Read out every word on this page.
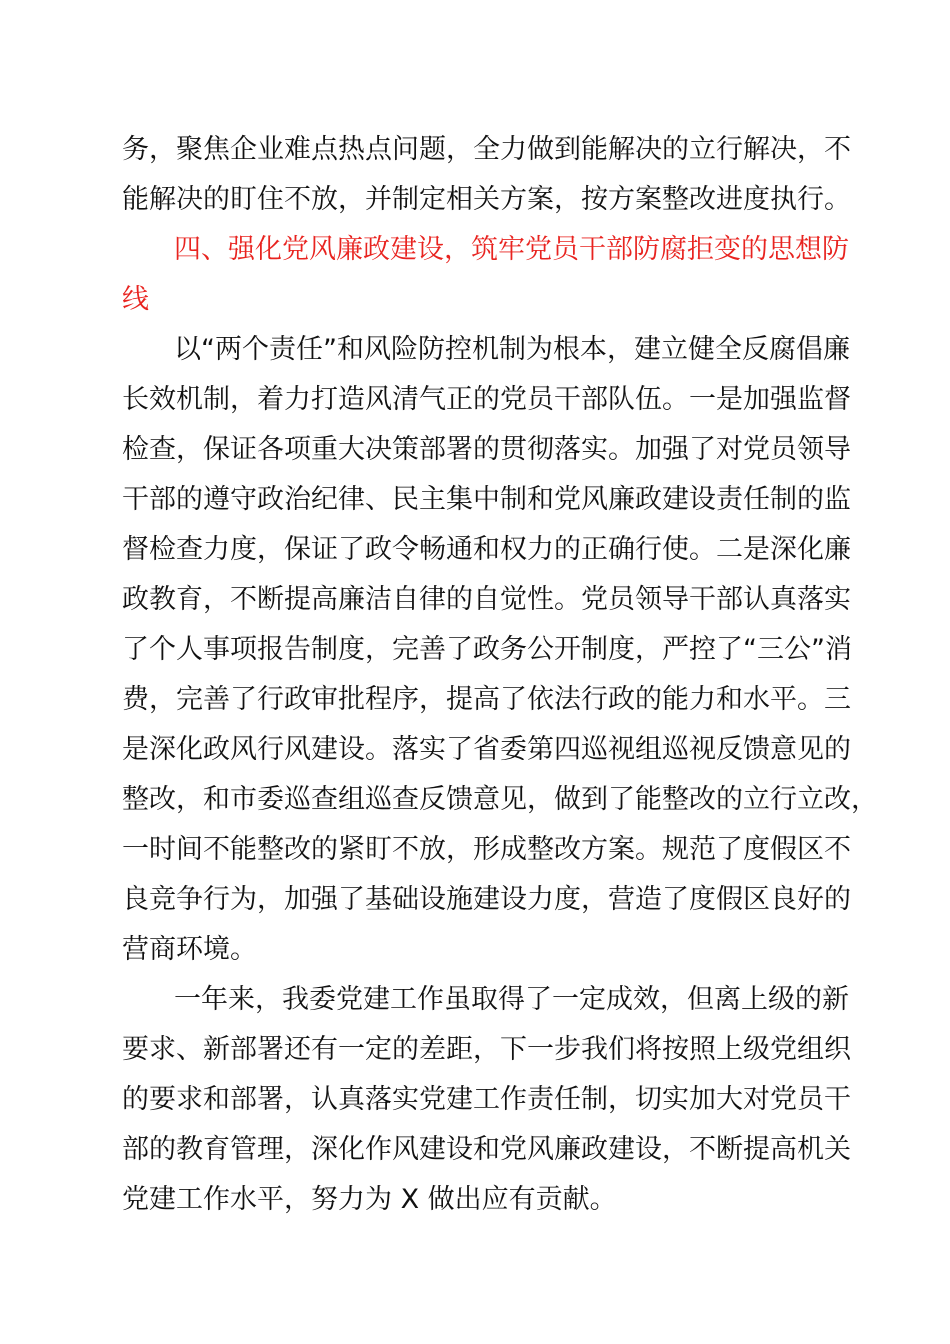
务，聚焦企业难点热点问题，全力做到能解决的立行解决，不
能解决的盯住不放，并制定相关方案，按方案整改进度执行。
四、强化党风廉政建设，筑牢党员干部防腐拒变的思想防
线
以“两个责任”和风险防控机制为根本，建立健全反腐倡廉
长效机制，着力打造风清气正的党员干部队伍。一是加强监督
检查，保证各项重大决策部署的贯彻落实。加强了对党员领导
干部的遵守政治纪律、民主集中制和党风廉政建设责任制的监
督检查力度，保证了政令畅通和权力的正确行使。二是深化廉
政教育，不断提高廉洁自律的自觉性。党员领导干部认真落实
了个人事项报告制度，完善了政务公开制度，严控了“三公”消
费，完善了行政审批程序，提高了依法行政的能力和水平。三
是深化政风行风建设。落实了省委第四巡视组巡视反馈意见的
整改，和市委巡查组巡查反馈意见，做到了能整改的立行立改，
一时间不能整改的紧盯不放，形成整改方案。规范了度假区不
良竞争行为，加强了基础设施建设力度，营造了度假区良好的
营商环境。
一年来，我委党建工作虽取得了一定成效，但离上级的新
要求、新部署还有一定的差距，下一步我们将按照上级党组织
的要求和部署，认真落实党建工作责任制，切实加大对党员干
部的教育管理，深化作风建设和党风廉政建设，不断提高机关
党建工作水平，努力为 X 做出应有贡献。
